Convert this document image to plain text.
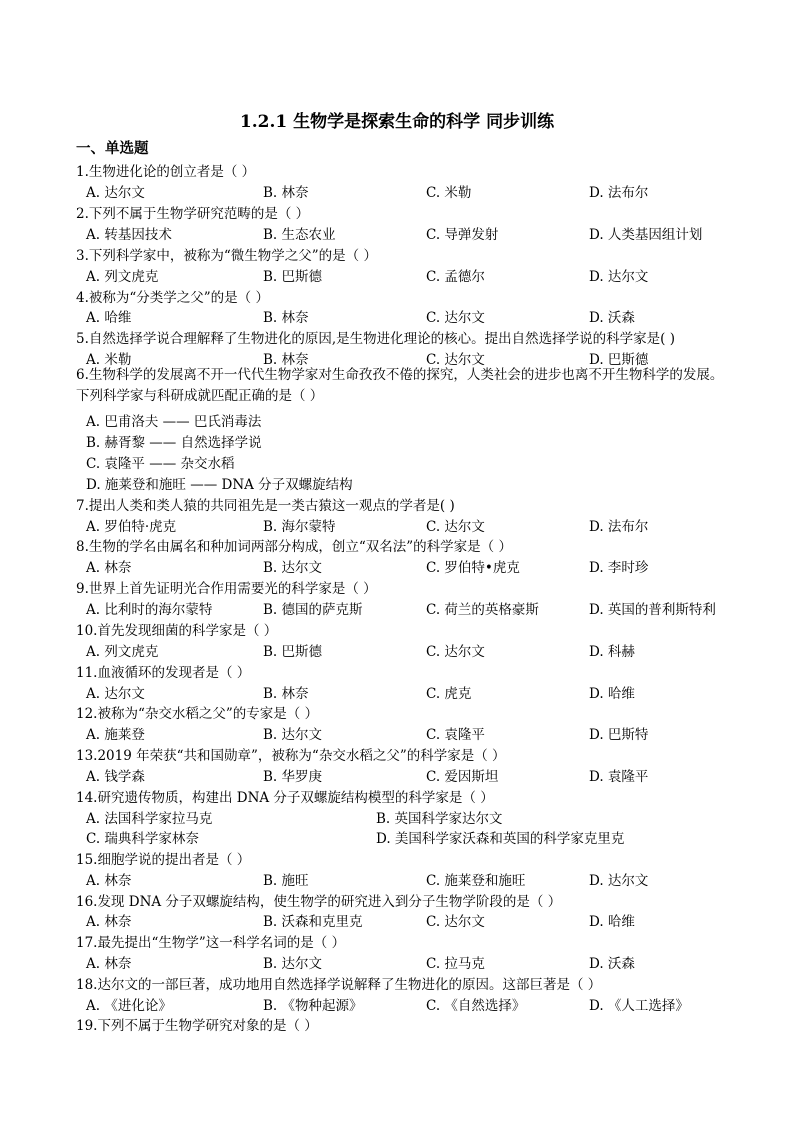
1.2.1 生物学是探索生命的科学 同步训练
一、单选题
1.生物进化论的创立者是（ ）
A. 达尔文	B. 林奈	C. 米勒	D. 法布尔
2.下列不属于生物学研究范畴的是（ ）
A. 转基因技术	B. 生态农业	C. 导弹发射	D. 人类基因组计划
3.下列科学家中，被称为“微生物学之父”的是（ ）
A. 列文虎克	B. 巴斯德	C. 孟德尔	D. 达尔文
4.被称为“分类学之父”的是（ ）
A. 哈维	B. 林奈	C. 达尔文	D. 沃森
5.自然选择学说合理解释了生物进化的原因,是生物进化理论的核心。提出自然选择学说的科学家是( )
A. 米勒	B. 林奈	C. 达尔文	D. 巴斯德
6.生物科学的发展离不开一代代生物学家对生命孜孜不倦的探究，人类社会的进步也离不开生物科学的发展。下列科学家与科研成就匹配正确的是（ ）
A. 巴甫洛夫 —— 巴氏消毒法
B. 赫胥黎 —— 自然选择学说
C. 袁隆平 —— 杂交水稻
D. 施莱登和施旺 —— DNA 分子双螺旋结构
7.提出人类和类人猿的共同祖先是一类古猿这一观点的学者是( )
A. 罗伯特·虎克	B. 海尔蒙特	C. 达尔文	D. 法布尔
8.生物的学名由属名和种加词两部分构成，创立“双名法”的科学家是（ ）
A. 林奈	B. 达尔文	C. 罗伯特•虎克	D. 李时珍
9.世界上首先证明光合作用需要光的科学家是（ ）
A. 比利时的海尔蒙特	B. 德国的萨克斯	C. 荷兰的英格豪斯	D. 英国的普利斯特利
10.首先发现细菌的科学家是（ ）
A. 列文虎克	B. 巴斯德	C. 达尔文	D. 科赫
11.血液循环的发现者是（ ）
A. 达尔文	B. 林奈	C. 虎克	D. 哈维
12.被称为“杂交水稻之父”的专家是（ ）
A. 施莱登	B. 达尔文	C. 袁隆平	D. 巴斯特
13.2019 年荣获“共和国勋章”，被称为“杂交水稻之父”的科学家是（ ）
A. 钱学森	B. 华罗庚	C. 爱因斯坦	D. 袁隆平
14.研究遗传物质，构建出 DNA 分子双螺旋结构模型的科学家是（ ）
A. 法国科学家拉马克	B. 英国科学家达尔文
C. 瑞典科学家林奈	D. 美国科学家沃森和英国的科学家克里克
15.细胞学说的提出者是（ ）
A. 林奈	B. 施旺	C. 施莱登和施旺	D. 达尔文
16.发现 DNA 分子双螺旋结构，使生物学的研究进入到分子生物学阶段的是（ ）
A. 林奈	B. 沃森和克里克	C. 达尔文	D. 哈维
17.最先提出“生物学”这一科学名词的是（ ）
A. 林奈	B. 达尔文	C. 拉马克	D. 沃森
18.达尔文的一部巨著，成功地用自然选择学说解释了生物进化的原因。这部巨著是（ ）
A. 《进化论》	B. 《物种起源》	C. 《自然选择》	D. 《人工选择》
19.下列不属于生物学研究对象的是（ ）
